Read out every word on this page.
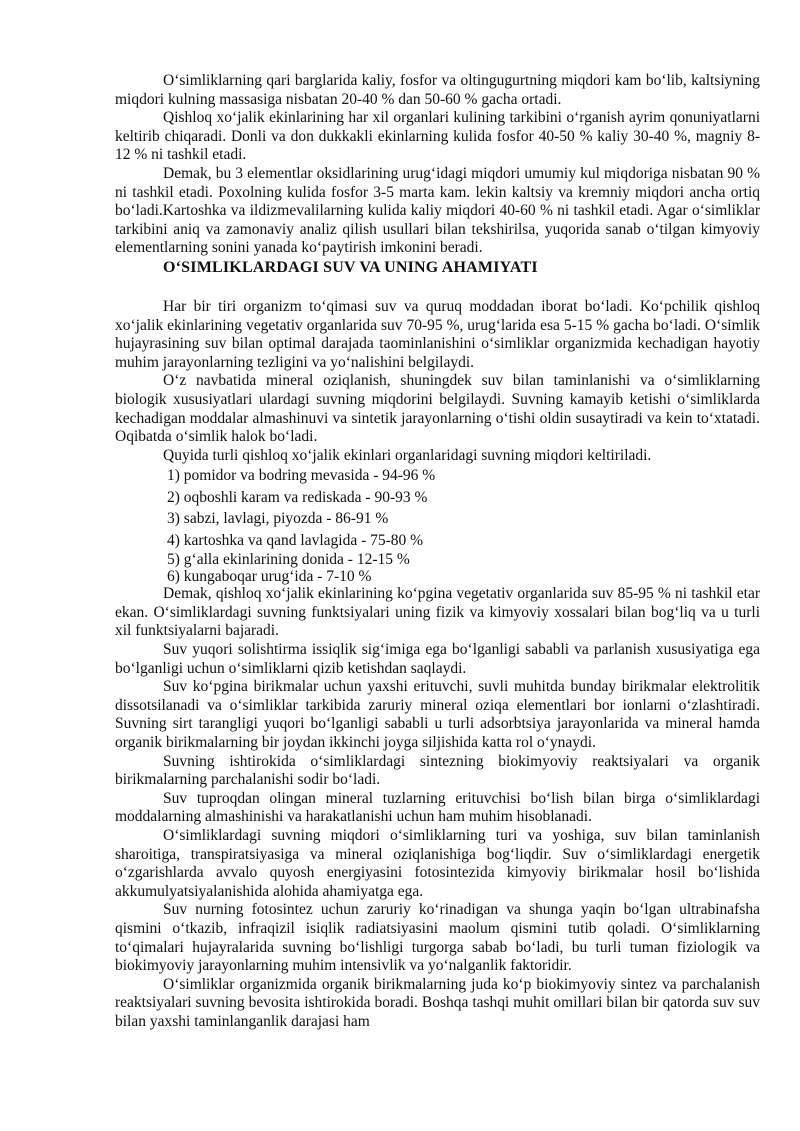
Oʻsimliklarning qari barglarida kaliy, fosfor va oltingugurtning miqdori kam boʻlib, kaltsiyning miqdori kulning massasiga nisbatan 20-40 % dan 50-60 % gacha ortadi.

Qishloq xoʻjalik ekinlarining har xil organlari kulining tarkibini oʻrganish ayrim qonuniyatlarni keltirib chiqaradi. Donli va don dukkakli ekinlarning kulida fosfor 40-50 % kaliy 30-40 %, magniy 8-12 % ni tashkil etadi.

Demak, bu 3 elementlar oksidlarining urugʻidagi miqdori umumiy kul miqdoriga nisbatan 90 % ni tashkil etadi. Poxolning kulida fosfor 3-5 marta kam. lekin kaltsiy va kremniy miqdori ancha ortiq boʻladi.Kartoshka va ildizmevalilarning kulida kaliy miqdori 40-60 % ni tashkil etadi. Agar oʻsimliklar tarkibini aniq va zamonaviy analiz qilish usullari bilan tekshirilsa, yuqorida sanab oʻtilgan kimyoviy elementlarning sonini yanada koʻpaytirish imkonini beradi.

OʻSIMLIKLARDAGI SUV VA UNING AHAMIYATI

Har bir tiri organizm toʻqimasi suv va quruq moddadan iborat boʻladi. Koʻpchilik qishloq xoʻjalik ekinlarining vegetativ organlarida suv 70-95 %, urugʻlarida esa 5-15 % gacha boʻladi. Oʻsimlik hujayrasining suv bilan optimal darajada taominlanishini oʻsimliklar organizmida kechadigan hayotiy muhim jarayonlarning tezligini va yoʻnalishini belgilaydi.

Oʻz navbatida mineral oziqlanish, shuningdek suv bilan taminlanishi va oʻsimliklarning biologik xususiyatlari ulardagi suvning miqdorini belgilaydi. Suvning kamayib ketishi oʻsimliklarda kechadigan moddalar almashinuvi va sintetik jarayonlarning oʻtishi oldin susaytiradi va kein toʻxtatadi. Oqibatda oʻsimlik halok boʻladi.

Quyida turli qishloq xoʻjalik ekinlari organlaridagi suvning miqdori keltiriladi.

1) pomidor va bodring mevasida - 94-96 %

2) oqboshli karam va rediskada - 90-93 %

3) sabzi, lavlagi, piyozda - 86-91 %

4) kartoshka va qand lavlagida - 75-80 %

5) gʻalla ekinlarining donida - 12-15 %

6) kungaboqar urugʻida - 7-10 %

Demak, qishloq xoʻjalik ekinlarining koʻpgina vegetativ organlarida suv 85-95 % ni tashkil etar ekan. Oʻsimliklardagi suvning funktsiyalari uning fizik va kimyoviy xossalari bilan bogʻliq va u turli xil funktsiyalarni bajaradi.

Suv yuqori solishtirma issiqlik sigʻimiga ega boʻlganligi sababli va parlanish xususiyatiga ega boʻlganligi uchun oʻsimliklarni qizib ketishdan saqlaydi.

Suv koʻpgina birikmalar uchun yaxshi erituvchi, suvli muhitda bunday birikmalar elektrolitik dissotsilanadi va oʻsimliklar tarkibida zaruriy mineral oziqa elementlari bor ionlarni oʻzlashtiradi. Suvning sirt tarangligi yuqori boʻlganligi sababli u turli adsorbtsiya jarayonlarida va mineral hamda organik birikmalarning bir joydan ikkinchi joyga siljishida katta rol oʻynaydi.

Suvning ishtirokida oʻsimliklardagi sintezning biokimyoviy reaktsiyalari va organik birikmalarning parchalanishi sodir boʻladi.

Suv tuproqdan olingan mineral tuzlarning erituvchisi boʻlish bilan birga oʻsimliklardagi moddalarning almashinishi va harakatlanishi uchun ham muhim hisoblanadi.

Oʻsimliklardagi suvning miqdori oʻsimliklarning turi va yoshiga, suv bilan taminlanish sharoitiga, transpiratsiyasiga va mineral oziqlanishiga bogʻliqdir. Suv oʻsimliklardagi energetik oʻzgarishlarda avvalo quyosh energiyasini fotosintezida kimyoviy birikmalar hosil boʻlishida akkumulyatsiyalanishida alohida ahamiyatga ega.

Suv nurning fotosintez uchun zaruriy koʻrinadigan va shunga yaqin boʻlgan ultrabinafsha qismini oʻtkazib, infraqizil isiqlik radiatsiyasini maolum qismini tutib qoladi. Oʻsimliklarning toʻqimalari hujayralarida suvning boʻlishligi turgorga sabab boʻladi, bu turli tuman fiziologik va biokimyoviy jarayonlarning muhim intensivlik va yoʻnalganlik faktoridir.

Oʻsimliklar organizmida organik birikmalarning juda koʻp biokimyoviy sintez va parchalanish reaktsiyalari suvning bevosita ishtirokida boradi. Boshqa tashqi muhit omillari bilan bir qatorda suv suv bilan yaxshi taminlanganlik darajasi ham
